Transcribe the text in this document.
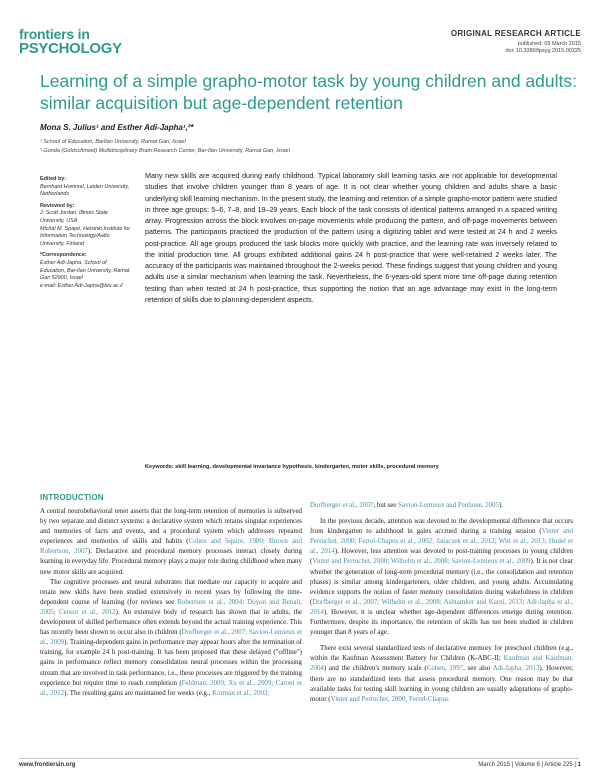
frontiers in
PSYCHOLOGY
ORIGINAL RESEARCH ARTICLE
published: 05 March 2015
doi: 10.3389/fpsyg.2015.00225
Learning of a simple grapho-motor task by young children and adults: similar acquisition but age-dependent retention
Mona S. Julius¹ and Esther Adi-Japha¹,²*
¹ School of Education, BarIlan University, Ramat Gan, Israel
² Gonda (Goldschmied) Multidisciplinary Brain Research Center, Bar-Ilan University, Ramat Gan, Israel
Edited by:
Bernhard Hommel, Leiden University, Netherlands
Reviewed by:
J. Scott Jordan, Illinois State University, USA
Michal M. Spapé, Helsinki Institute for Information Technology/Aalto University, Finland
*Correspondence:
Esther Adi-Japha, School of Education, Bar-Ilan University, Ramat Gan 52900, Israel
e-mail: Esther.Adi-Japha@biu.ac.il
Many new skills are acquired during early childhood. Typical laboratory skill learning tasks are not applicable for developmental studies that involve children younger than 8 years of age. It is not clear whether young children and adults share a basic underlying skill learning mechanism. In the present study, the learning and retention of a simple grapho-motor pattern were studied in three age groups: 5–6, 7–8, and 19–29 years. Each block of the task consists of identical patterns arranged in a spaced writing array. Progression across the block involves on-page movements while producing the pattern, and off-page movements between patterns. The participants practiced the production of the pattern using a digitizing tablet and were tested at 24 h and 2 weeks post-practice. All age groups produced the task blocks more quickly with practice, and the learning rate was inversely related to the initial production time. All groups exhibited additional gains 24 h post-practice that were well-retained 2 weeks later. The accuracy of the participants was maintained throughout the 2-weeks period. These findings suggest that young children and young adults use a similar mechanism when learning the task. Nevertheless, the 6-years-old spent more time off-page during retention testing than when tested at 24 h post-practice, thus supporting the notion that an age advantage may exist in the long-term retention of skills due to planning-dependent aspects.
Keywords: skill learning, developmental invariance hypothesis, kindergarten, motor skills, procedural memory
INTRODUCTION

A central neurobehavioral tenet asserts that the long-term retention of memories is subserved by two separate and distinct systems: a declarative system which retains singular experiences and memories of facts and events, and a procedural system which addresses repeated experiences and memories of skills and habits (Cohen and Squire, 1980; Brown and Robertson, 2007). Declarative and procedural memory processes interact closely during learning in everyday life. Procedural memory plays a major role during childhood when many new motor skills are acquired.

The cognitive processes and neural substrates that mediate our capacity to acquire and retain new skills have been studied extensively in recent years by following the time-dependent course of learning (for reviews see Robertson et al., 2004; Doyon and Benali, 2005; Censor et al., 2012). An extensive body of research has shown that in adults, the development of skilled performance often extends beyond the actual training experience. This has recently been shown to occur also in children (Dorfberger et al., 2007; Savion-Lemieux et al., 2009). Training-dependent gains in performance may appear hours after the termination of training, for example 24 h post-training. It has been proposed that these delayed ("offline") gains in performance reflect memory consolidation neural processes within the processing stream that are involved in task performance, i.e., these processes are triggered by the training experience but require time to reach completion (Feldman, 2009; Xu et al., 2009; Caroni et al., 2012). The resulting gains are maintained for weeks (e.g., Korman et al., 2003;

Dorfberger et al., 2007; but see Savion-Lemieux and Penhune, 2005).

In the previous decade, attention was devoted to the developmental difference that occurs from kindergarten to adulthood in gains accrued during a training session (Vinter and Perruchet, 2000; Ferrel-Chapus et al., 2002; Janacsek et al., 2012; Witt et al., 2013; Hodel et al., 2014). However, less attention was devoted to post-training processes in young children (Vinter and Perruchet, 2000; Wilhelm et al., 2008; Savion-Lemieux et al., 2009). It is not clear whether the generation of long-term procedural memory (i.e., the consolidation and retention phases) is similar among kindergarteners, older children, and young adults. Accumulating evidence supports the notion of faster memory consolidation during wakefulness in children (Dorfberger et al., 2007; Wilhelm et al., 2008; Ashtamker and Karni, 2013; Adi-Japha et al., 2014). However, it is unclear whether age-dependent differences emerge during retention. Furthermore, despite its importance, the retention of skills has not been studied in children younger than 8 years of age.

There exist several standardized tests of declarative memory for preschool children (e.g., within the Kaufman Assessment Battery for Children (K-ABC-II; Kaufman and Kaufman, 2004) and the children's memory scale (Cohen, 1997, see also Adi-Japha, 2013). However, there are no standardized tests that assess procedural memory. One reason may be that available tasks for testing skill learning in young children are usually adaptations of grapho-motor (Vinter and Perruchet, 2000; Ferrel-Chapus

www.frontiersin.org	March 2015 | Volume 6 | Article 225 | 1
